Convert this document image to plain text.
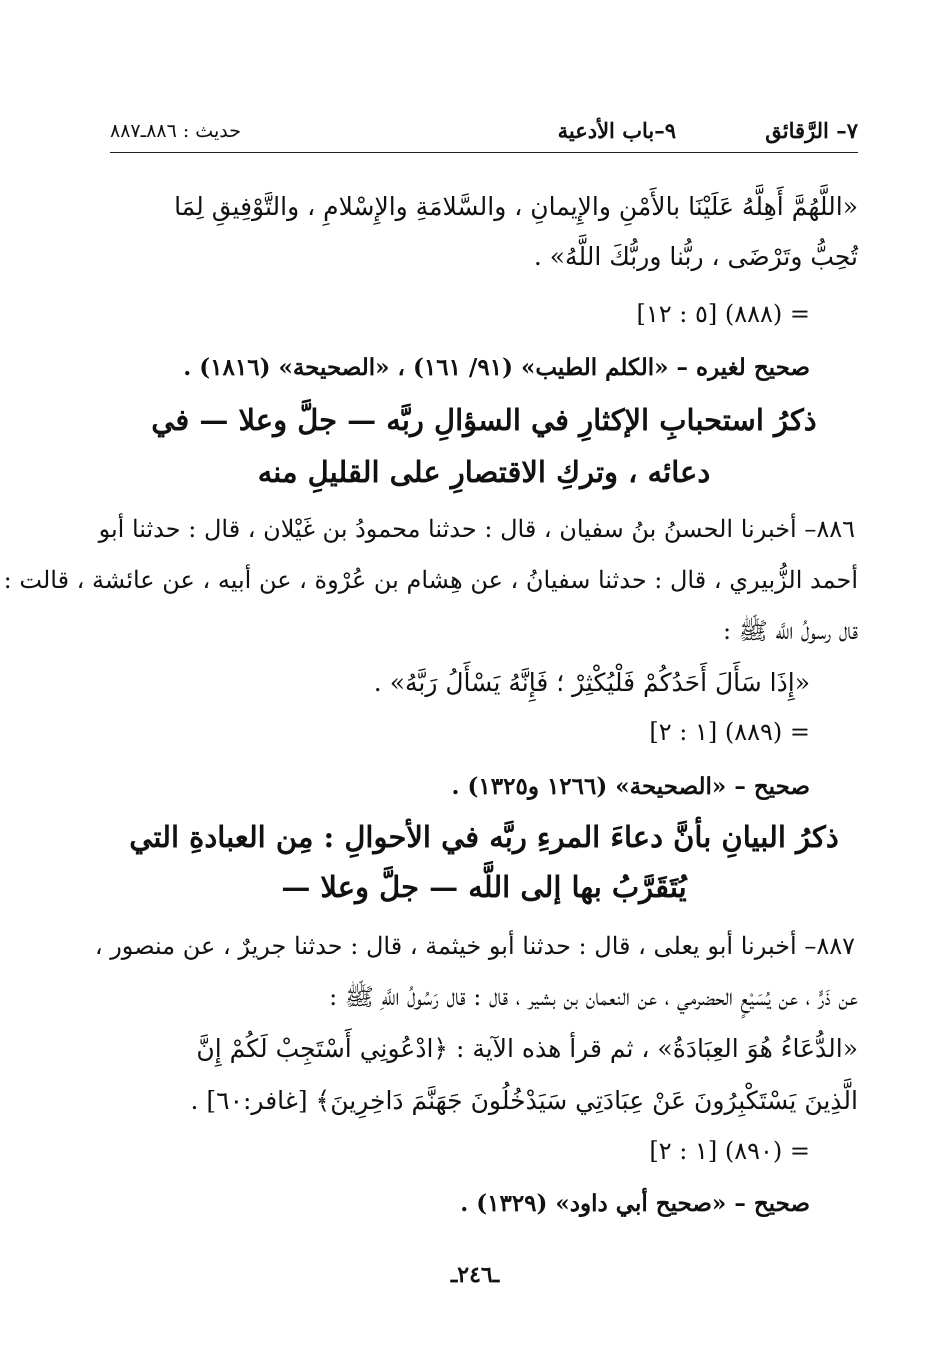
٧– الرَّقائق
٩–باب الأدعية
حديث : ٨٨٦ـ٨٨٧
«اللَّهُمَّ أَهِلَّهُ عَلَيْنَا بالأَمْنِ والإِيمانِ ، والسَّلامَةِ والإِسْلامِ ، والتَّوْفِيقِ لِمَا
تُحِبُّ وتَرْضَى ، ربُّنا وربُّكَ اللَّهُ» .
= (٨٨٨) [٥ : ١٢]
صحيح لغيره – «الكلم الطيب» (٩١/ ١٦١) ، «الصحيحة» (١٨١٦) .
ذكرُ استحبابِ الإكثارِ في السؤالِ ربَّه — جلَّ وعلا — في
دعائه ، وتركِ الاقتصارِ على القليلِ منه
٨٨٦– أخبرنا الحسنُ بنُ سفيان ، قال : حدثنا محمودُ بن غَيْلان ، قال : حدثنا أبو
أحمد الزُّبيري ، قال : حدثنا سفيانُ ، عن هِشام بن عُرْوة ، عن أبيه ، عن عائشة ، قالت :
قال رسولُ اللَّه ﷺ :
«إِذَا سَأَلَ أَحَدُكُمْ فَلْيُكْثِرْ ؛ فَإِنَّهُ يَسْأَلُ رَبَّهُ» .
= (٨٨٩) [١ : ٢]
صحيح – «الصحيحة» (١٢٦٦ و١٣٢٥) .
ذكرُ البيانِ بأنَّ دعاءَ المرءِ ربَّه في الأحوالِ : مِن العبادةِ التي
يُتَقَرَّبُ بها إلى اللَّه — جلَّ وعلا —
٨٨٧– أخبرنا أبو يعلى ، قال : حدثنا أبو خيثمة ، قال : حدثنا جريرٌ ، عن منصور ،
عن ذَرٍّ ، عن يُسَيْعٍ الحضرمي ، عن النعمان بن بشير ، قال : قال رَسُولُ اللَّهِ ﷺ :
«الدُّعَاءُ هُوَ العِبَادَةُ» ، ثم قرأ هذه الآية : ﴿ادْعُونِي أَسْتَجِبْ لَكُمْ إِنَّ
الَّذِينَ يَسْتَكْبِرُونَ عَنْ عِبَادَتِي سَيَدْخُلُونَ جَهَنَّمَ دَاخِرِينَ﴾ [غافر:٦٠] .
= (٨٩٠) [١ : ٢]
صحيح – «صحيح أبي داود» (١٣٢٩) .
ـ٢٤٦ـ
